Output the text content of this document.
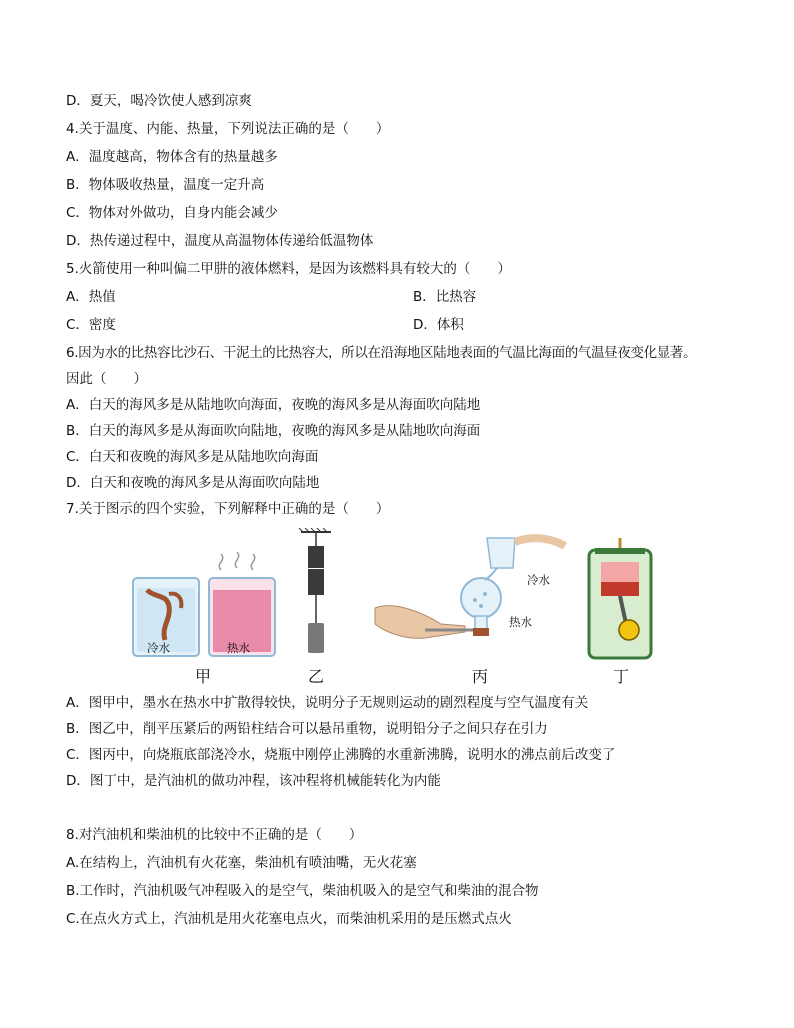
D．夏天，喝冷饮使人感到凉爽
4.关于温度、内能、热量，下列说法正确的是（　　）
A．温度越高，物体含有的热量越多
B．物体吸收热量，温度一定升高
C．物体对外做功，自身内能会减少
D．热传递过程中，温度从高温物体传递给低温物体
5.火箭使用一种叫偏二甲肼的液体燃料，是因为该燃料具有较大的（　　）
A．热值	B．比热容
C．密度	D．体积
6.因为水的比热容比沙石、干泥土的比热容大，所以在沿海地区陆地表面的气温比海面的气温昼夜变化显著。
因此（　　）
A．白天的海风多是从陆地吹向海面，夜晚的海风多是从海面吹向陆地
B．白天的海风多是从海面吹向陆地，夜晚的海风多是从陆地吹向海面
C．白天和夜晚的海风多是从陆地吹向海面
D．白天和夜晚的海风多是从海面吹向陆地
7.关于图示的四个实验，下列解释中正确的是（　　）
冷水	热水
冷水
热水
甲	乙	丙	丁
A．图甲中，墨水在热水中扩散得较快，说明分子无规则运动的剧烈程度与空气温度有关
B．图乙中，削平压紧后的两铅柱结合可以悬吊重物，说明铅分子之间只存在引力
C．图丙中，向烧瓶底部浇冷水，烧瓶中刚停止沸腾的水重新沸腾，说明水的沸点前后改变了
D．图丁中，是汽油机的做功冲程，该冲程将机械能转化为内能
8.对汽油机和柴油机的比较中不正确的是（　　）
A.在结构上，汽油机有火花塞，柴油机有喷油嘴，无火花塞
B.工作时，汽油机吸气冲程吸入的是空气，柴油机吸入的是空气和柴油的混合物
C.在点火方式上，汽油机是用火花塞电点火，而柴油机采用的是压燃式点火
